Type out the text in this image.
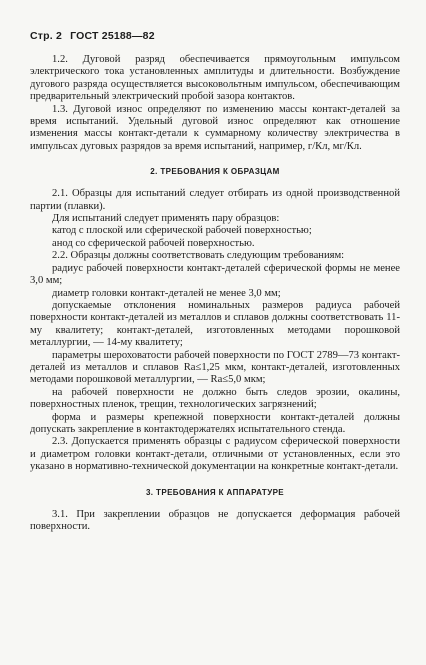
Стр. 2 ГОСТ 25188—82

1.2. Дуговой разряд обеспечивается прямоугольным импульсом электрического тока установленных амплитуды и длительности. Возбуждение дугового разряда осуществляется высоковольтным импульсом, обеспечивающим предварительный электрический пробой зазора контактов.

1.3. Дуговой износ определяют по изменению массы контакт-деталей за время испытаний. Удельный дуговой износ определяют как отношение изменения массы контакт-детали к суммарному количеству электричества в импульсах дуговых разрядов за время испытаний, например, г/Кл, мг/Кл.

2. ТРЕБОВАНИЯ К ОБРАЗЦАМ

2.1. Образцы для испытаний следует отбирать из одной производственной партии (плавки).

Для испытаний следует применять пару образцов:

катод с плоской или сферической рабочей поверхностью;

анод со сферической рабочей поверхностью.

2.2. Образцы должны соответствовать следующим требованиям:

радиус рабочей поверхности контакт-деталей сферической формы не менее 3,0 мм;

диаметр головки контакт-деталей не менее 3,0 мм;

допускаемые отклонения номинальных размеров радиуса рабочей поверхности контакт-деталей из металлов и сплавов должны соответствовать 11-му квалитету; контакт-деталей, изготовленных методами порошковой металлургии, — 14-му квалитету;

параметры шероховатости рабочей поверхности по ГОСТ 2789—73 контакт-деталей из металлов и сплавов Ra≤1,25 мкм, контакт-деталей, изготовленных методами порошковой металлургии, — Ra≤5,0 мкм;

на рабочей поверхности не должно быть следов эрозии, окалины, поверхностных пленок, трещин, технологических загрязнений;

форма и размеры крепежной поверхности контакт-деталей должны допускать закрепление в контактодержателях испытательного стенда.

2.3. Допускается применять образцы с радиусом сферической поверхности и диаметром головки контакт-детали, отличными от установленных, если это указано в нормативно-технической документации на конкретные контакт-детали.

3. ТРЕБОВАНИЯ К АППАРАТУРЕ

3.1. При закреплении образцов не допускается деформация рабочей поверхности.
